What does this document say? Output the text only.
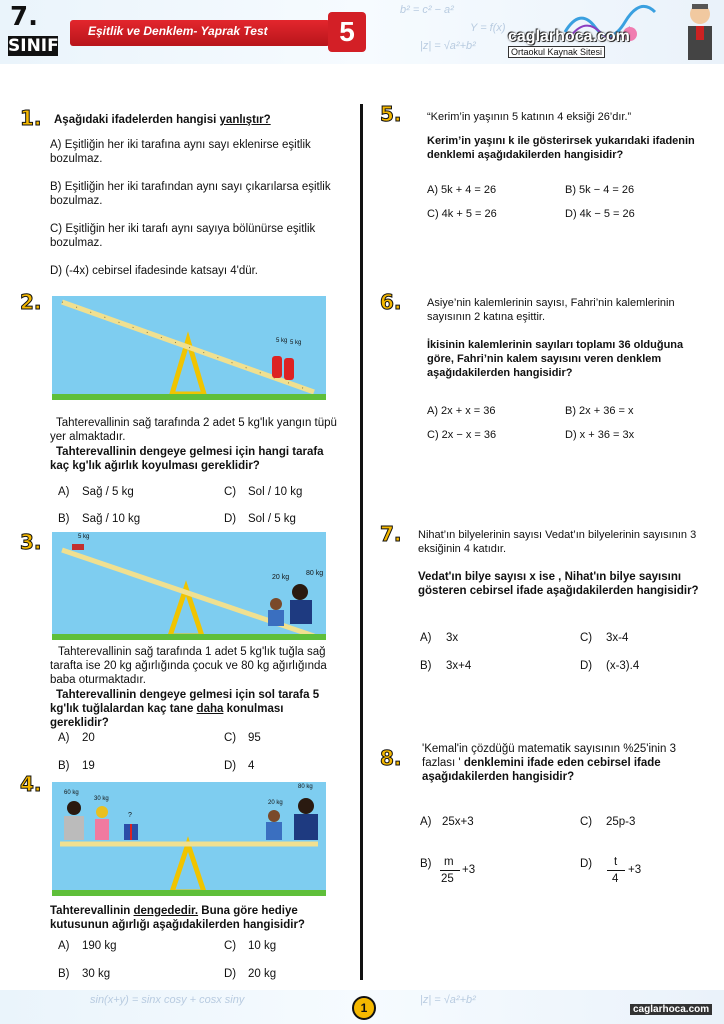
b² = c² − a²
Y = f(x)
|z| = √a²+b²
7.
SINIF
Eşitlik ve Denklem- Yaprak Test	5	caglarhoca.com
Ortaokul Kaynak Sitesi
1. Aşağıdaki ifadelerden hangisi yanlıştır?
A) Eşitliğin her iki tarafına aynı sayı eklenirse eşitlik bozulmaz.
B) Eşitliğin her iki tarafından aynı sayı çıkarılarsa eşitlik bozulmaz.
C) Eşitliğin her iki tarafı aynı sayıya bölünürse eşitlik bozulmaz.
D) (-4x) cebirsel ifadesinde katsayı 4'dür.
2.
5 kg 5 kg
Tahterevallinin sağ tarafında 2 adet 5 kg'lık yangın tüpü yer almaktadır.
Tahterevallinin dengeye gelmesi için hangi tarafa kaç kg'lık ağırlık koyulması gereklidir?
A) Sağ / 5 kg	C) Sol / 10 kg
B) Sağ / 10 kg	D) Sol / 5 kg
3.	5 kg
20 kg
80 kg
Tahterevallinin sağ tarafında 1 adet 5 kg'lık tuğla sağ tarafta ise 20 kg ağırlığında çocuk ve 80 kg ağırlığında baba oturmaktadır.
Tahterevallinin dengeye gelmesi için sol tarafa 5 kg'lık tuğlalardan kaç tane daha konulması gereklidir?
A) 20	C) 95
B) 19	D) 4
4.	60 kg
30 kg
?
20 kg
80 kg
Tahterevallinin dengededir. Buna göre hediye kutusunun ağırlığı aşağıdakilerden hangisidir?
A) 190 kg	C) 10 kg
B) 30 kg	D) 20 kg
5. “Kerim’in yaşının 5 katının 4 eksiği 26’dır.”
Kerim’in yaşını k ile gösterirsek yukarıdaki ifadenin denklemi aşağıdakilerden hangisidir?
A) 5k + 4 = 26	B) 5k − 4 = 26
C) 4k + 5 = 26	D) 4k − 5 = 26
6. Asiye’nin kalemlerinin sayısı, Fahri’nin kalemlerinin sayısının 2 katına eşittir.
İkisinin kalemlerinin sayıları toplamı 36 olduğuna göre, Fahri’nin kalem sayısını veren denklem aşağıdakilerden hangisidir?
A) 2x + x = 36	B) 2x + 36 = x
C) 2x − x = 36	D) x + 36 = 3x
7. Nihat’ın bilyelerinin sayısı Vedat’ın bilyelerinin sayısının 3 eksiğinin 4 katıdır.
Vedat'ın bilye sayısı x ise , Nihat'ın bilye sayısını gösteren cebirsel ifade aşağıdakilerden hangisidir?
A) 3x	C) 3x-4
B) 3x+4	D) (x-3).4
8. 'Kemal'in çözdüğü matematik sayısının %25'inin 3 fazlası ' denklemini ifade eden cebirsel ifade aşağıdakilerden hangisidir?
A) 25x+3	C) 25p-3
B) m
25
+3	D) t
4
+3
sin(x+y) = sinx cosy + cosx siny	|z| = √a²+b²
1	caglarhoca.com
